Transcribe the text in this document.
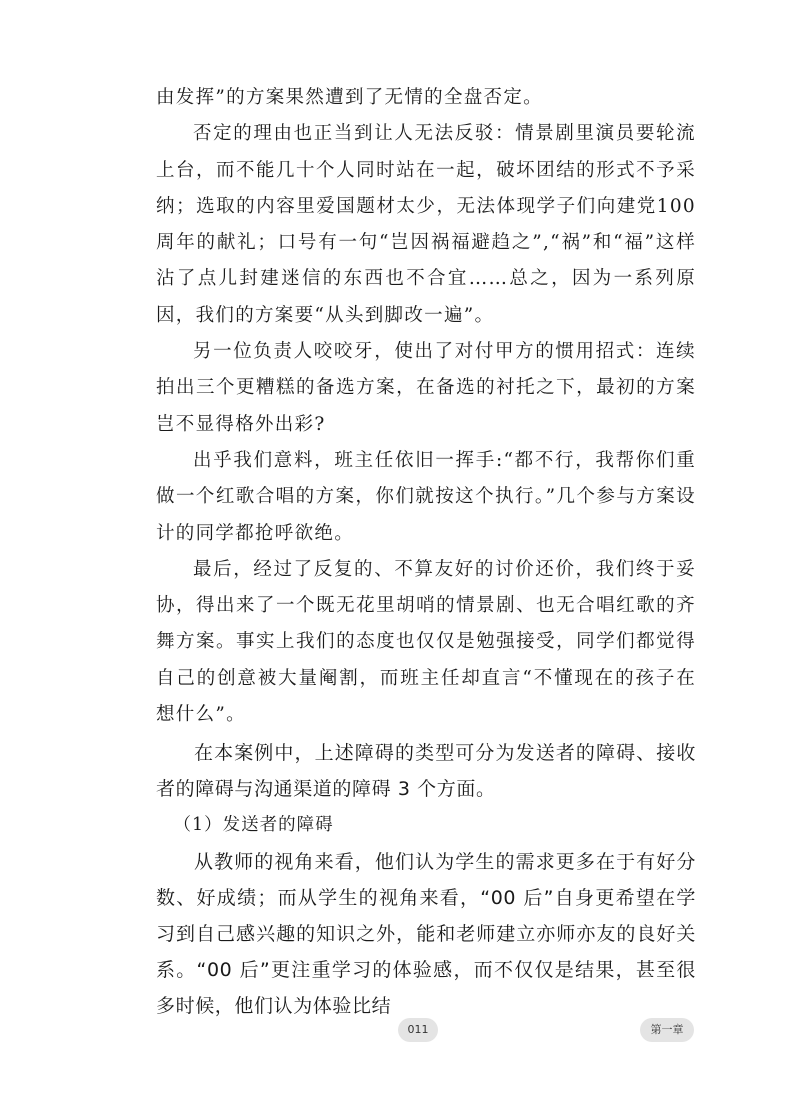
由发挥”的方案果然遭到了无情的全盘否定。

否定的理由也正当到让人无法反驳：情景剧里演员要轮流上台，而不能几十个人同时站在一起，破坏团结的形式不予采纳；选取的内容里爱国题材太少，无法体现学子们向建党100周年的献礼；口号有一句“岂因祸福避趋之”,“祸”和“福”这样沾了点儿封建迷信的东西也不合宜……总之，因为一系列原因，我们的方案要“从头到脚改一遍”。

另一位负责人咬咬牙，使出了对付甲方的惯用招式：连续拍出三个更糟糕的备选方案，在备选的衬托之下，最初的方案岂不显得格外出彩?

出乎我们意料，班主任依旧一挥手:“都不行，我帮你们重做一个红歌合唱的方案，你们就按这个执行。”几个参与方案设计的同学都抢呼欲绝。

最后，经过了反复的、不算友好的讨价还价，我们终于妥协，得出来了一个既无花里胡哨的情景剧、也无合唱红歌的齐舞方案。事实上我们的态度也仅仅是勉强接受，同学们都觉得自己的创意被大量阉割，而班主任却直言“不懂现在的孩子在想什么”。

在本案例中，上述障碍的类型可分为发送者的障碍、接收者的障碍与沟通渠道的障碍 3 个方面。

（1）发送者的障碍

从教师的视角来看，他们认为学生的需求更多在于有好分数、好成绩；而从学生的视角来看，“00 后”自身更希望在学习到自己感兴趣的知识之外，能和老师建立亦师亦友的良好关系。“00 后”更注重学习的体验感，而不仅仅是结果，甚至很多时候，他们认为体验比结

011	第一章
